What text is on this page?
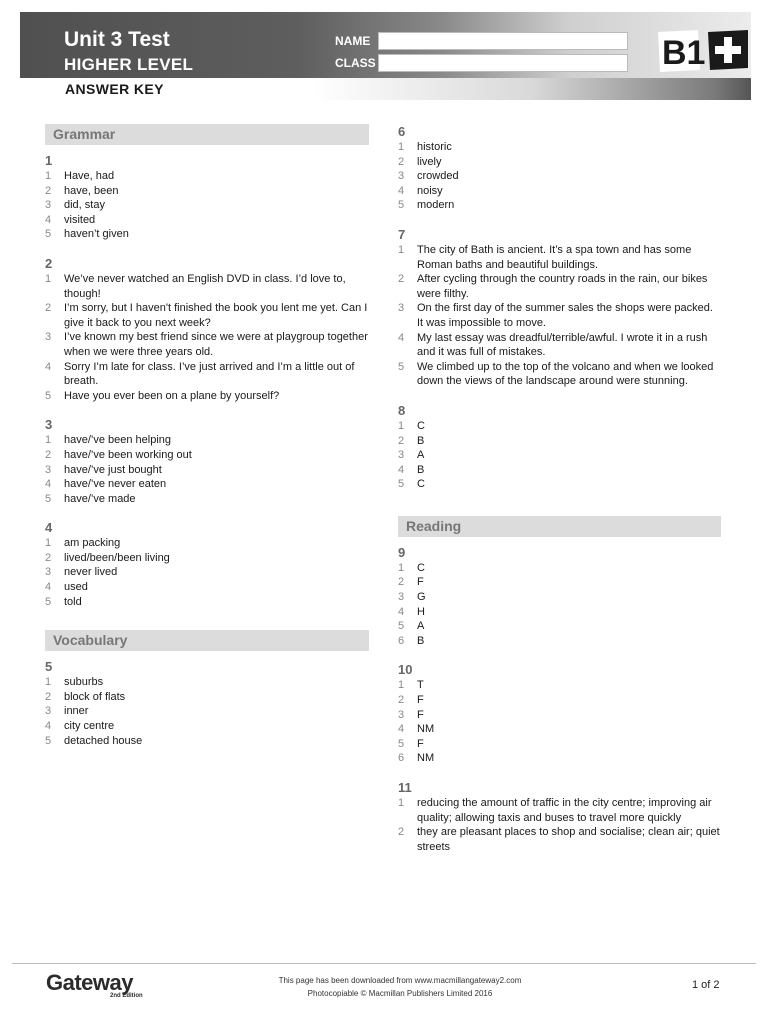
Unit 3 Test
HIGHER LEVEL
ANSWER KEY
NAME
CLASS	B1
Grammar
1
1	Have, had
2	have, been
3	did, stay
4	visited
5	haven’t given
2
1	We’ve never watched an English DVD in class. I’d love to, though!
2	I’m sorry, but I haven't finished the book you lent me yet. Can I give it back to you next week?
3	I’ve known my best friend since we were at playgroup together when we were three years old.
4	Sorry I’m late for class. I’ve just arrived and I’m a little out of breath.
5	Have you ever been on a plane by yourself?
3
1	have/’ve been helping
2	have/’ve been working out
3	have/’ve just bought
4	have/’ve never eaten
5	have/’ve made
4
1	am packing
2	lived/been/been living
3	never lived
4	used
5	told
Vocabulary
5
1	suburbs
2	block of flats
3	inner
4	city centre
5	detached house
6
1	historic
2	lively
3	crowded
4	noisy
5	modern
7
1	The city of Bath is ancient. It’s a spa town and has some Roman baths and beautiful buildings.
2	After cycling through the country roads in the rain, our bikes were filthy.
3	On the first day of the summer sales the shops were packed. It was impossible to move.
4	My last essay was dreadful/terrible/awful. I wrote it in a rush and it was full of mistakes.
5	We climbed up to the top of the volcano and when we looked down the views of the landscape around were stunning.
8
1	C
2	B
3	A
4	B
5	C
Reading
9
1	C
2	F
3	G
4	H
5	A
6	B
10
1	T
2	F
3	F
4	NM
5	F
6	NM
11
1	reducing the amount of traffic in the city centre; improving air quality; allowing taxis and buses to travel more quickly
2	they are pleasant places to shop and socialise; clean air; quiet streets
Gateway
2nd Edition
This page has been downloaded from www.macmillangateway2.com
Photocopiable © Macmillan Publishers Limited 2016
1 of 2
